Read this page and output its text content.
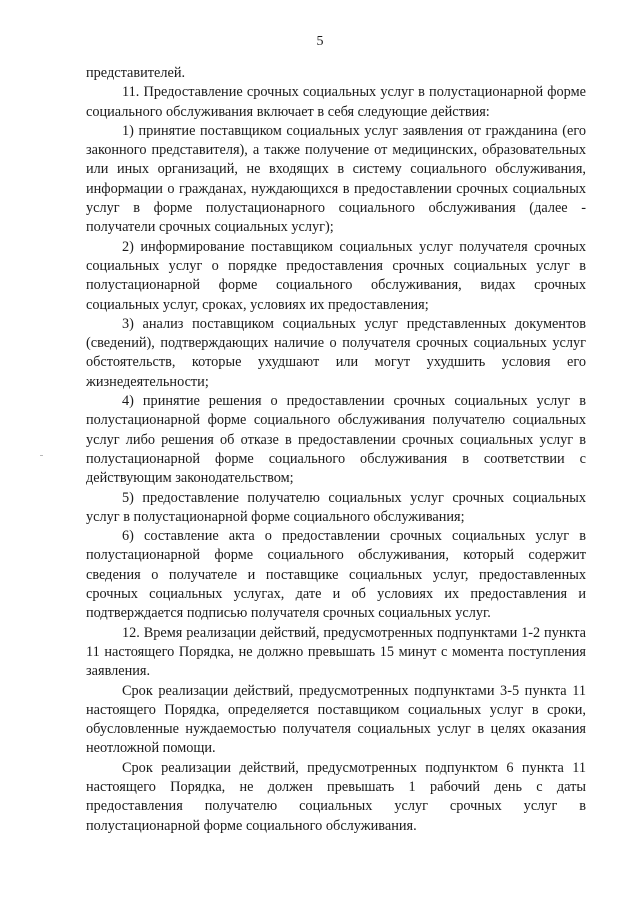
5

представителей.

11. Предоставление срочных социальных услуг в полустационарной форме социального обслуживания включает в себя следующие действия:

1) принятие поставщиком социальных услуг заявления от гражданина (его законного представителя), а также получение от медицинских, образовательных или иных организаций, не входящих в систему социального обслуживания, информации о гражданах, нуждающихся в предоставлении срочных социальных услуг в форме полустационарного социального обслуживания (далее - получатели срочных социальных услуг);

2) информирование поставщиком социальных услуг получателя срочных социальных услуг о порядке предоставления срочных социальных услуг в полустационарной форме социального обслуживания, видах срочных социальных услуг, сроках, условиях их предоставления;

3) анализ поставщиком социальных услуг представленных документов (сведений), подтверждающих наличие о получателя срочных социальных услуг обстоятельств, которые ухудшают или могут ухудшить условия его жизнедеятельности;

4) принятие решения о предоставлении срочных социальных услуг в полустационарной форме социального обслуживания получателю социальных услуг либо решения об отказе в предоставлении срочных социальных услуг в полустационарной форме социального обслуживания в соответствии с действующим законодательством;

5) предоставление получателю социальных услуг срочных социальных услуг в полустационарной форме социального обслуживания;

6) составление акта о предоставлении срочных социальных услуг в полустационарной форме социального обслуживания, который содержит сведения о получателе и поставщике социальных услуг, предоставленных срочных социальных услугах, дате и об условиях их предоставления и подтверждается подписью получателя срочных социальных услуг.

12. Время реализации действий, предусмотренных подпунктами 1-2 пункта 11 настоящего Порядка, не должно превышать 15 минут с момента поступления заявления.

Срок реализации действий, предусмотренных подпунктами 3-5 пункта 11 настоящего Порядка, определяется поставщиком социальных услуг в сроки, обусловленные нуждаемостью получателя социальных услуг в целях оказания неотложной помощи.

Срок реализации действий, предусмотренных подпунктом 6 пункта 11 настоящего Порядка, не должен превышать 1 рабочий день с даты предоставления получателю социальных услуг срочных услуг в полустационарной форме социального обслуживания.
